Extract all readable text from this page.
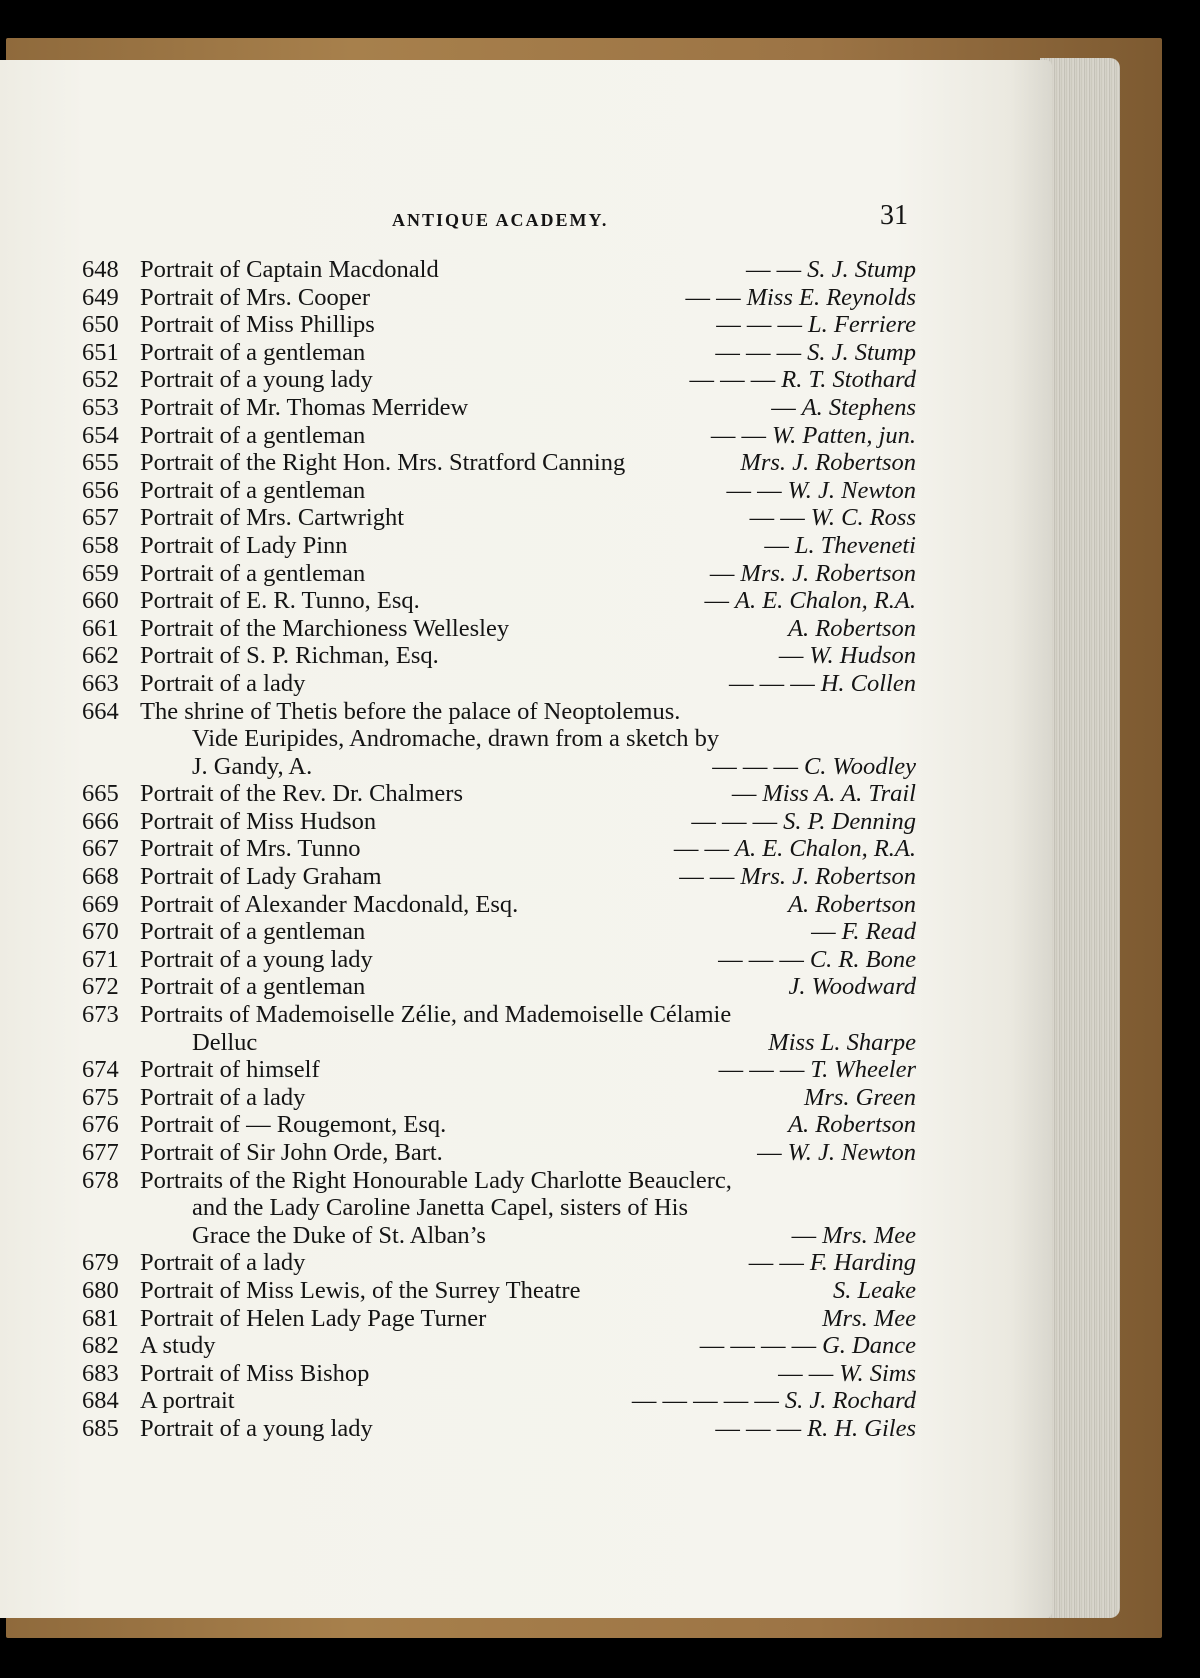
ANTIQUE ACADEMY.	31
648 Portrait of Captain Macdonald	— — S. J. Stump
649 Portrait of Mrs. Cooper	— — Miss E. Reynolds
650 Portrait of Miss Phillips	— — — L. Ferriere
651 Portrait of a gentleman	— — — S. J. Stump
652 Portrait of a young lady	— — — R. T. Stothard
653 Portrait of Mr. Thomas Merridew	— A. Stephens
654 Portrait of a gentleman	— — W. Patten, jun.
655 Portrait of the Right Hon. Mrs. Stratford Canning	Mrs. J. Robertson
656 Portrait of a gentleman	— — W. J. Newton
657 Portrait of Mrs. Cartwright	— — W. C. Ross
658 Portrait of Lady Pinn	— L. Theveneti
659 Portrait of a gentleman	— Mrs. J. Robertson
660 Portrait of E. R. Tunno, Esq.	— A. E. Chalon, R.A.
661 Portrait of the Marchioness Wellesley	A. Robertson
662 Portrait of S. P. Richman, Esq.	— W. Hudson
663 Portrait of a lady	— — — H. Collen
664 The shrine of Thetis before the palace of Neoptolemus.
Vide Euripides, Andromache, drawn from a sketch by
J. Gandy, A.	— — — C. Woodley
665 Portrait of the Rev. Dr. Chalmers	— Miss A. A. Trail
666 Portrait of Miss Hudson	— — — S. P. Denning
667 Portrait of Mrs. Tunno	— — A. E. Chalon, R.A.
668 Portrait of Lady Graham	— — Mrs. J. Robertson
669 Portrait of Alexander Macdonald, Esq.	A. Robertson
670 Portrait of a gentleman	— F. Read
671 Portrait of a young lady	— — — C. R. Bone
672 Portrait of a gentleman	J. Woodward
673 Portraits of Mademoiselle Zélie, and Mademoiselle Célamie
Delluc	Miss L. Sharpe
674 Portrait of himself	— — — T. Wheeler
675 Portrait of a lady	Mrs. Green
676 Portrait of — Rougemont, Esq.	A. Robertson
677 Portrait of Sir John Orde, Bart.	— W. J. Newton
678 Portraits of the Right Honourable Lady Charlotte Beauclerc,
and the Lady Caroline Janetta Capel, sisters of His
Grace the Duke of St. Alban’s	— Mrs. Mee
679 Portrait of a lady	— — F. Harding
680 Portrait of Miss Lewis, of the Surrey Theatre	S. Leake
681 Portrait of Helen Lady Page Turner	Mrs. Mee
682 A study	— — — — G. Dance
683 Portrait of Miss Bishop	— — W. Sims
684 A portrait	— — — — — S. J. Rochard
685 Portrait of a young lady	— — — R. H. Giles
